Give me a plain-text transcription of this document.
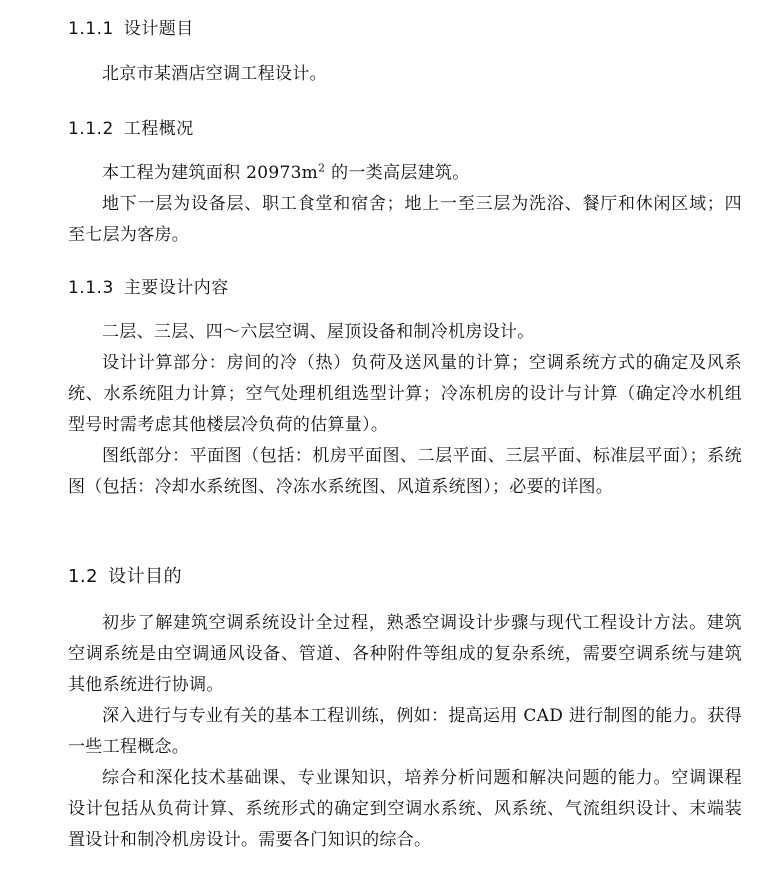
1.1.1 设计题目

北京市某酒店空调工程设计。

1.1.2 工程概况

本工程为建筑面积 $20973m^2$ 的一类高层建筑。

地下一层为设备层、职工食堂和宿舍；地上一至三层为洗浴、餐厅和休闲区域；四至七层为客房。

1.1.3 主要设计内容

二层、三层、四～六层空调、屋顶设备和制冷机房设计。

设计计算部分：房间的冷（热）负荷及送风量的计算；空调系统方式的确定及风系统、水系统阻力计算；空气处理机组选型计算；冷冻机房的设计与计算（确定冷水机组型号时需考虑其他楼层冷负荷的估算量）。

图纸部分：平面图（包括：机房平面图、二层平面、三层平面、标准层平面）；系统图（包括：冷却水系统图、冷冻水系统图、风道系统图）；必要的详图。

1.2 设计目的

初步了解建筑空调系统设计全过程，熟悉空调设计步骤与现代工程设计方法。建筑空调系统是由空调通风设备、管道、各种附件等组成的复杂系统，需要空调系统与建筑其他系统进行协调。

深入进行与专业有关的基本工程训练，例如：提高运用 CAD 进行制图的能力。获得一些工程概念。

综合和深化技术基础课、专业课知识，培养分析问题和解决问题的能力。空调课程设计包括从负荷计算、系统形式的确定到空调水系统、风系统、气流组织设计、末端装置设计和制冷机房设计。需要各门知识的综合。
